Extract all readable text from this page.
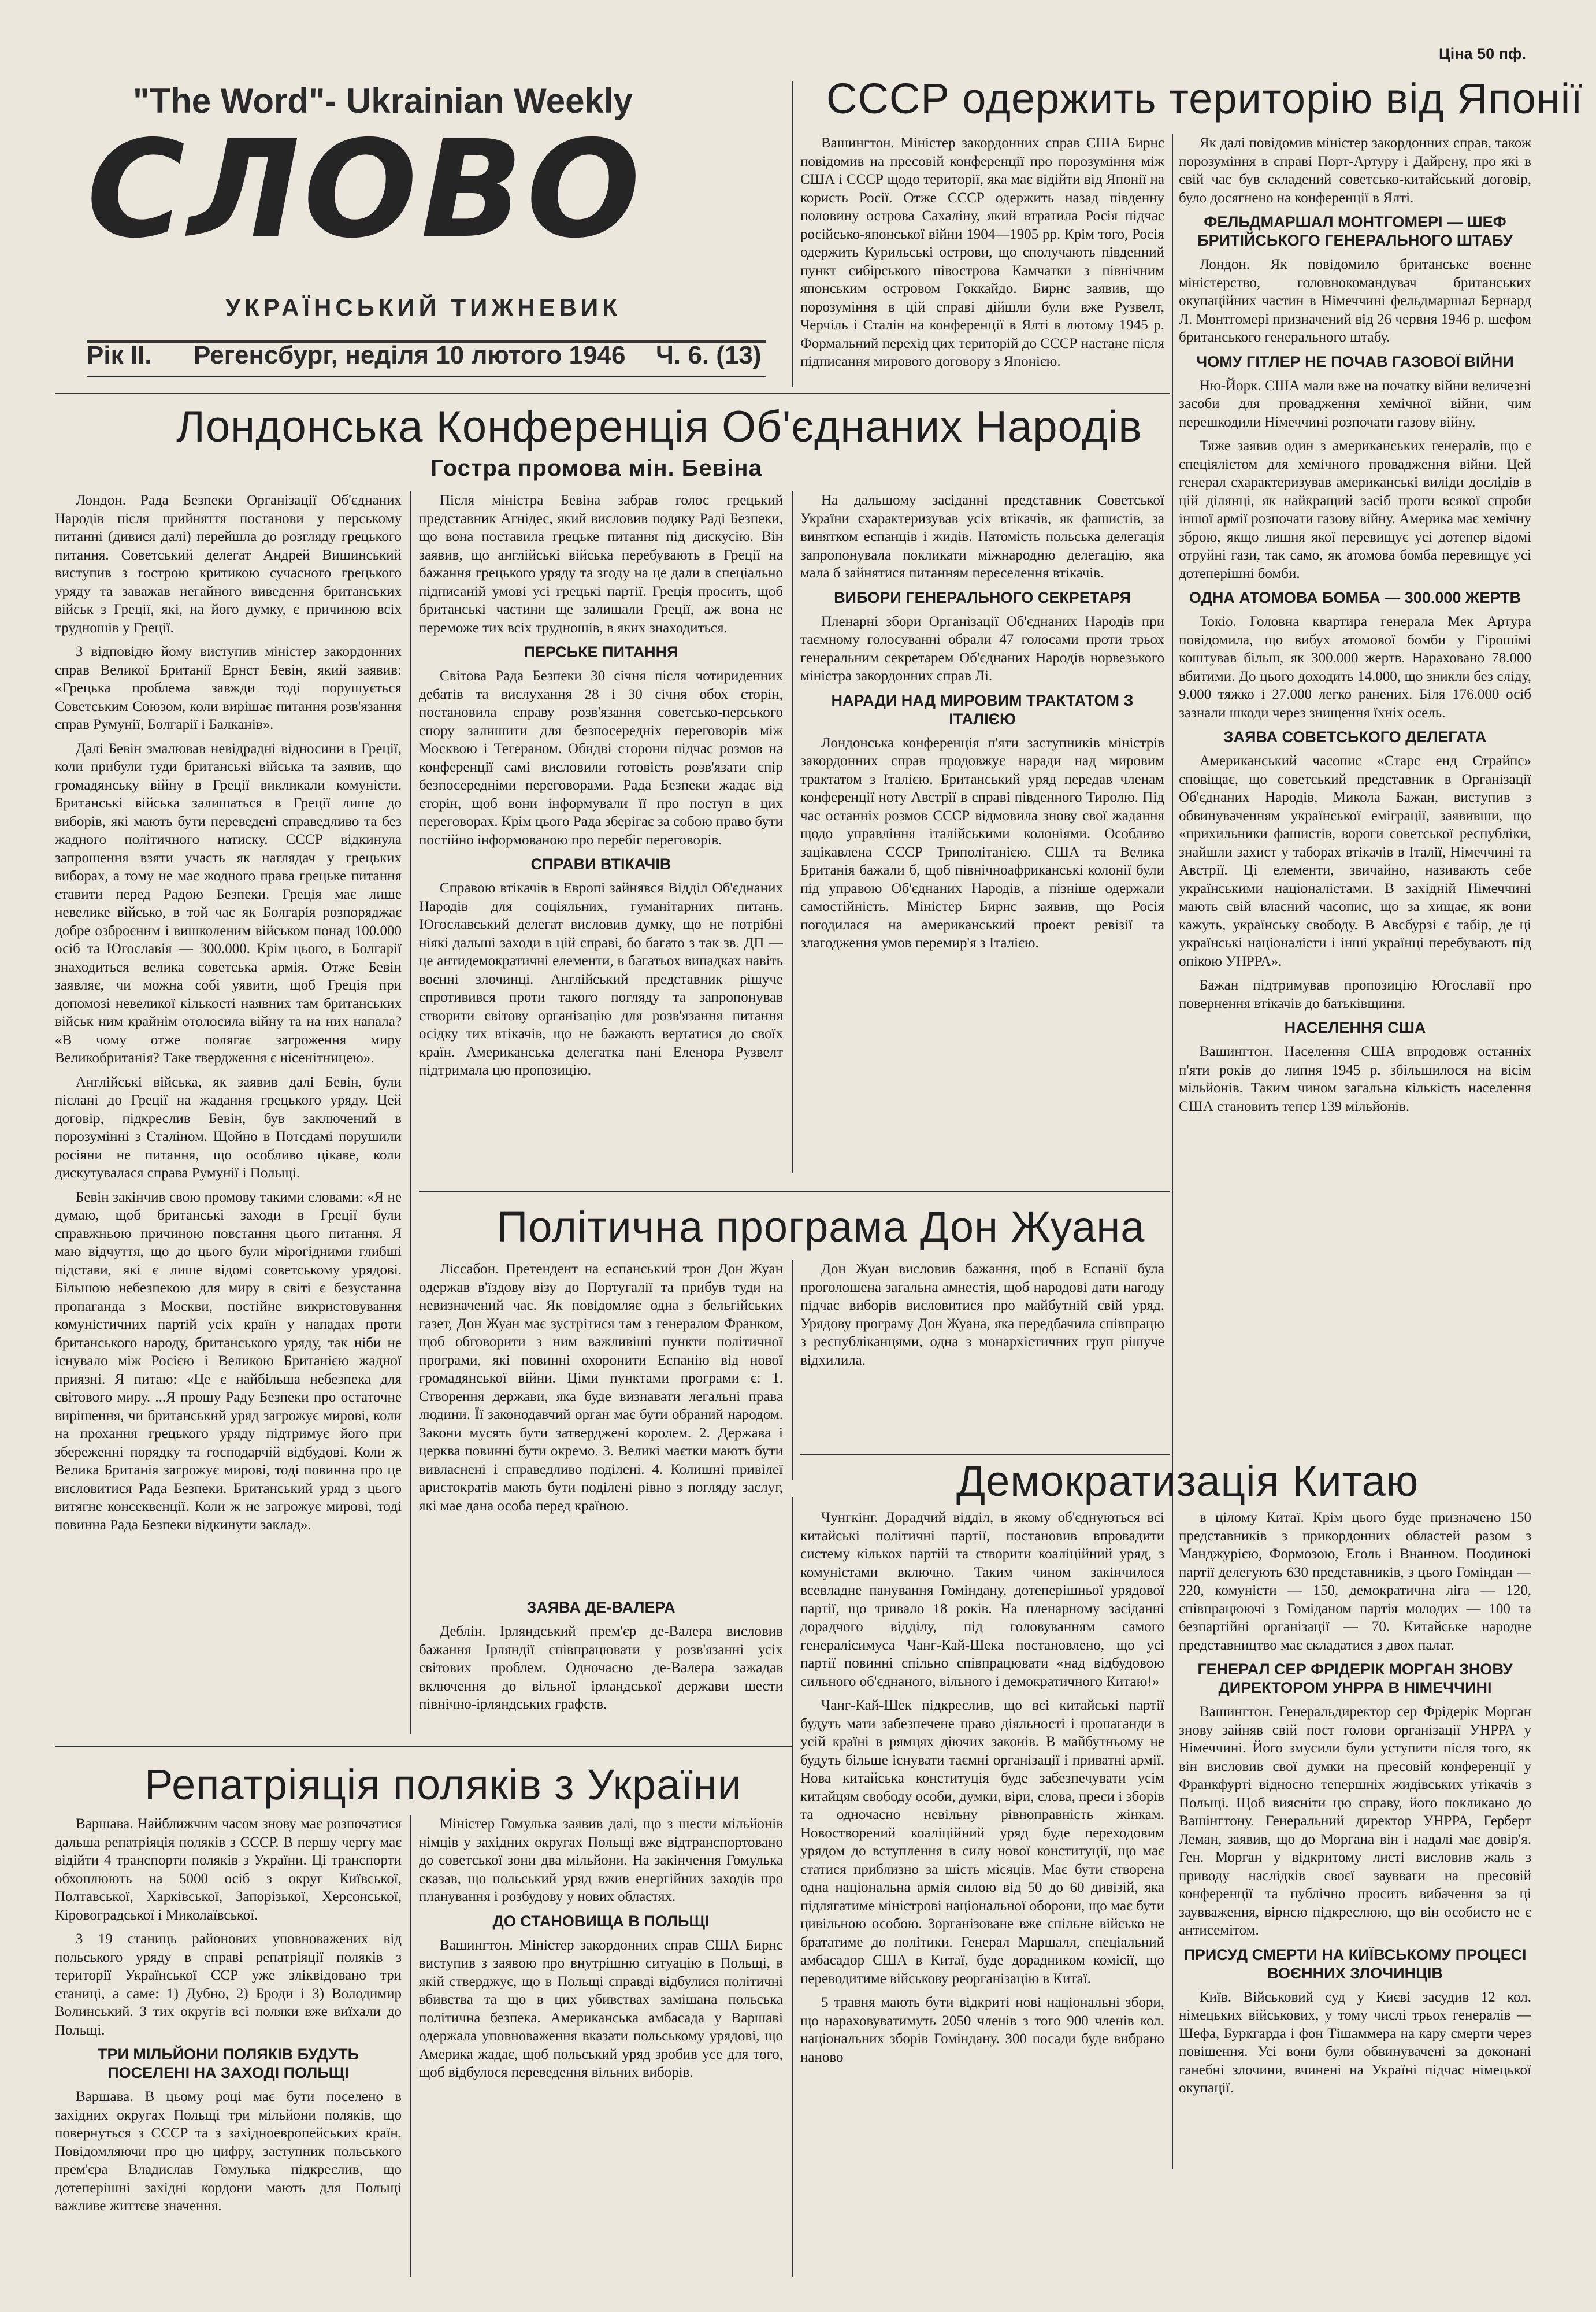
Ціна 50 пф.
"The Word"- Ukrainian Weekly
СЛОВО
УКРАЇНСЬКИЙ ТИЖНЕВИК
Рік II. Регенсбург, неділя 10 лютого 1946 Ч. 6. (13)
СССР одержить територію від Японії

Вашингтон. Міністер закордонних справ США Бирнс повідомив на пресовій конференції про порозуміння між США і СССР щодо території, яка має відійти від Японії на користь Росії. Отже СССР одержить назад південну половину острова Сахаліну, який втратила Росія підчас російсько-японської війни 1904—1905 рр. Крім того, Росія одержить Курильські острови, що сполучають південний пункт сибірського півострова Камчатки з північним японським островом Гоккайдо. Бирнс заявив, що порозуміння в цій справі дійшли були вже Рузвелт, Черчіль і Сталін на конференції в Ялті в лютому 1945 р. Формальний перехід цих територій до СССР настане після підписання мирового договору з Японією.

Як далі повідомив міністер закордонних справ, також порозуміння в справі Порт-Артуру і Дайрену, про які в свій час був складений советсько-китайський договір, було досягнено на конференції в Ялті.

ФЕЛЬДМАРШАЛ МОНТГОМЕРІ — ШЕФ БРИТІЙСЬКОГО ГЕНЕРАЛЬНОГО ШТАБУ

Лондон. Як повідомило британське воєнне міністерство, головнокомандувач британських окупаційних частин в Німеччині фельдмаршал Бернард Л. Монтгомері призначений від 26 червня 1946 р. шефом британського генерального штабу.

ЧОМУ ГІТЛЕР НЕ ПОЧАВ ГАЗОВОЇ ВІЙНИ

Ню-Йорк. США мали вже на початку війни величезні засоби для провадження хемічної війни, чим перешкодили Німеччині розпочати газову війну.

Тяже заявив один з американських генералів, що є спеціялістом для хемічного провадження війни. Цей генерал схарактеризував американські виліди дослідів в цій ділянці, як найкращий засіб проти всякої спроби іншої армії розпочати газову війну. Америка має хемічну зброю, якщо лишня якої перевищує усі дотепер відомі отруйні гази, так само, як атомова бомба перевищує усі дотеперішні бомби.

ОДНА АТОМОВА БОМБА — 300.000 ЖЕРТВ

Токіо. Головна квартира генерала Мек Артура повідомила, що вибух атомової бомби у Гірошімі коштував більш, як 300.000 жертв. Нараховано 78.000 вбитими. До цього доходить 14.000, що зникли без сліду, 9.000 тяжко і 27.000 легко ранених. Біля 176.000 осіб зазнали шкоди через знищення їхніх осель.

ЗАЯВА СОВЕТСЬКОГО ДЕЛЕГАТА

Американський часопис «Старс енд Страйпс» сповіщає, що советський представник в Організації Об'єднаних Народів, Микола Бажан, виступив з обвинуваченням української еміграції, заявивши, що «прихильники фашистів, вороги советської республіки, знайшли захист у таборах втікачів в Італії, Німеччині та Австрії. Ці елементи, звичайно, називають себе українськими націоналістами. В західній Німеччині мають свій власний часопис, що за хищає, як вони кажуть, українську свободу. В Авсбурзі є табір, де ці українські націоналісти і інші українці перебувають під опікою УНРРА».

Бажан підтримував пропозицію Югославії про повернення втікачів до батьківщини.

НАСЕЛЕННЯ США

Вашингтон. Населення США впродовж останніх п'яти років до липня 1945 р. збільшилося на вісім мільйонів. Таким чином загальна кількість населення США становить тепер 139 мільйонів.

Лондонська Конференція Об'єднаних Народів
Гостра промова мін. Бевіна

Лондон. Рада Безпеки Організації Об'єднаних Народів після прийняття постанови у перському питанні (дивися далі) перейшла до розгляду грецького питання. Советський делегат Андрей Вишинський виступив з гострою критикою сучасного грецького уряду та заважав негайного виведення британських військ з Греції, які, на його думку, є причиною всіх трудношів у Греції.

З відповідю йому виступив міністер закордонних справ Великої Британії Ернст Бевін, який заявив: «Грецька проблема завжди тоді порушується Советським Союзом, коли вирішає питання розв'язання справ Румунії, Болгарії і Балканів».

Далі Бевін змалював невідрадні відносини в Греції, коли прибули туди британські війська та заявив, що громадянську війну в Греції викликали комуністи. Британські війська залишаться в Греції лише до виборів, які мають бути переведені справедливо та без жадного політичного натиску. СССР відкинула запрошення взяти участь як наглядач у грецьких виборах, а тому не має жодного права грецьке питання ставити перед Радою Безпеки. Греція має лише невелике військо, в той час як Болгарія розпоряджає добре озброєним і вишколеним військом понад 100.000 осіб та Югославія — 300.000. Крім цього, в Болгарії знаходиться велика советська армія. Отже Бевін заявляє, чи можна собі уявити, щоб Греція при допомозі невеликої кількості наявних там британських військ ним крайнім отолосила війну та на них напала? «В чому отже полягає загроження миру Великобританія? Таке твердження є нісенітницею».

Англійські війська, як заявив далі Бевін, були післані до Греції на жадання грецького уряду. Цей договір, підкреслив Бевін, був заключений в порозумінні з Сталіном. Щойно в Потсдамі порушили росіяни не питання, що особливо цікаве, коли дискутувалася справа Румунії і Польщі.

Бевін закінчив свою промову такими словами: «Я не думаю, щоб британські заходи в Греції були справжньою причиною повстання цього питання. Я маю відчуття, що до цього були мірогідними глибші підстави, які є лише відомі советському урядові. Більшою небезпекою для миру в світі є безустанна пропаганда з Москви, постійне викристовування комуністичних партій усіх країн у нападах проти британського народу, британського уряду, так ніби не існувало між Росією і Великою Британією жадної приязні. Я питаю: «Це є найбільша небезпека для світового миру. ...Я прошу Раду Безпеки про остаточне вирішення, чи британський уряд загрожує мирові, коли на прохання грецького уряду підтримує його при збереженні порядку та господарчій відбудові. Коли ж Велика Британія загрожує мирові, тоді повинна про це висловитися Рада Безпеки. Британський уряд з цього витягне консеквенції. Коли ж не загрожує мирові, тоді повинна Рада Безпеки відкинути заклад».

Після міністра Бевіна забрав голос грецький представник Агнідес, який висловив подяку Раді Безпеки, що вона поставила грецьке питання під дискусію. Він заявив, що англійські війська перебувають в Греції на бажання грецького уряду та згоду на це дали в спеціально підписаній умові усі грецькі партії. Греція просить, щоб британські частини ще залишали Греції, аж вона не переможе тих всіх трудношів, в яких знаходиться.

ПЕРСЬКЕ ПИТАННЯ

Світова Рада Безпеки 30 січня після чотириденних дебатів та вислухання 28 і 30 січня обох сторін, постановила справу розв'язання советсько-перського спору залишити для безпосередніх переговорів між Москвою і Тегераном. Обидві сторони підчас розмов на конференції самі висловили готовість розв'язати спір безпосередніми переговорами. Рада Безпеки жадає від сторін, щоб вони інформували її про поступ в цих переговорах. Крім цього Рада зберігає за собою право бути постійно інформованою про перебіг переговорів.

СПРАВИ ВТІКАЧІВ

Справою втікачів в Европі зайнявся Відділ Об'єднаних Народів для соціяльних, гуманітарних питань. Югославський делегат висловив думку, що не потрібні ніякі дальші заходи в цій справі, бо багато з так зв. ДП — це антидемократичні елементи, в багатьох випадках навіть воєнні злочинці. Англійський представник рішуче спротивився проти такого погляду та запропонував створити світову організацію для розв'язання питання осідку тих втікачів, що не бажають вертатися до своїх країн. Американська делегатка пані Еленора Рузвелт підтримала цю пропозицію.

На дальшому засіданні представник Советської України схарактеризував усіх втікачів, як фашистів, за винятком еспанців і жидів. Натомість польська делегація запропонувала покликати міжнародню делегацію, яка мала б зайнятися питанням переселення втікачів.

ВИБОРИ ГЕНЕРАЛЬНОГО СЕКРЕТАРЯ

Пленарні збори Організації Об'єднаних Народів при таємному голосуванні обрали 47 голосами проти трьох генеральним секретарем Об'єднаних Народів норвезького міністра закордонних справ Лі.

НАРАДИ НАД МИРОВИМ ТРАКТАТОМ З ІТАЛІЄЮ

Лондонська конференція п'яти заступників міністрів закордонних справ продовжує наради над мировим трактатом з Італією. Британський уряд передав членам конференції ноту Австрії в справі південного Тиролю. Під час останніх розмов СССР відмовила знову свої жадання щодо управління італійськими колоніями. Особливо зацікавлена СССР Триполітанією. США та Велика Британія бажали б, щоб північноафриканські колонії були під управою Об'єднаних Народів, а пізніше одержали самостійність. Міністер Бирнс заявив, що Росія погодилася на американський проект ревізії та злагодження умов перемир'я з Італією.

Політична програма Дон Жуана

Ліссабон. Претендент на еспанський трон Дон Жуан одержав в'їздову візу до Португалії та прибув туди на невизначений час. Як повідомляє одна з бельгійських газет, Дон Жуан має зустрітися там з генералом Франком, щоб обговорити з ним важливіші пункти політичної програми, які повинні охоронити Еспанію від нової громадянської війни. Ціми пунктами програми є: 1. Створення держави, яка буде визнавати легальні права людини. Її законодавчий орган має бути обраний народом. Закони мусять бути затверджені королем. 2. Держава і церква повинні бути окремо. 3. Великі маєтки мають бути вивласнені і справедливо поділені. 4. Колишні привілеї аристократів мають бути поділені рівно з погляду заслуг, які мае дана особа перед країною.

Дон Жуан висловив бажання, щоб в Еспанії була проголошена загальна амнестія, щоб народові дати нагоду підчас виборів висловитися про майбутній свій уряд. Урядову програму Дон Жуана, яка передбачила співпрацю з республіканцями, одна з монархістичних груп рішуче відхилила.

ЗАЯВА ДЕ-ВАЛЕРА

Деблін. Ірляндський прем'єр де-Валера висловив бажання Ірляндії співпрацювати у розв'язанні усіх світових проблем. Одночасно де-Валера зажадав включення до вільної ірландської держави шести північно-ірляндських графств.

Демократизація Китаю

Чунгкінг. Дорадчий відділ, в якому об'єднуються всі китайські політичні партії, постановив впровадити систему кількох партій та створити коаліційний уряд, з комуністами включно. Таким чином закінчилося всевладне панування Гоміндану, дотеперішньої урядової партії, що тривало 18 років. На пленарному засіданні дорадчого відділу, під головуванням самого генералісимуса Чанг-Кай-Шека постановлено, що усі партії повинні спільно співпрацювати «над відбудовою сильного об'єднаного, вільного і демократичного Китаю!»

Чанг-Кай-Шек підкреслив, що всі китайські партії будуть мати забезпечене право діяльності і пропаганди в усій країні в рямцях діючих законів. В майбутньому не будуть більше існувати таємні організації і приватні армії. Нова китайська конституція буде забезпечувати усім китайцям свободу особи, думки, віри, слова, преси і зборів та одночасно невільну рівноправність жінкам. Новостворений коаліційний уряд буде переходовим урядом до вступлення в силу нової конституції, що має статися приблизно за шість місяців. Має бути створена одна національна армія силою від 50 до 60 дивізій, яка підлягатиме міністрові національної оборони, що має бути цивільною особою. Зорганізоване вже спільне військо не брататиме до політики. Генерал Маршалл, спеціальний амбасадор США в Китаї, буде дорадником комісії, що переводитиме військову реорганізацію в Китаї.

5 травня мають бути відкриті нові національні збори, що нараховуватимуть 2050 членів з того 900 членів кол. національних зборів Гоміндану. 300 посади буде вибрано наново

в цілому Китаї. Крім цього буде призначено 150 представників з прикордонних областей разом з Манджурією, Формозою, Еголь і Внанном. Поодинокі партії делегують 630 представників, з цього Гоміндан — 220, комуністи — 150, демократична ліга — 120, співпрацюючі з Гоміданом партія молодих — 100 та безпартійні організації — 70. Китайське народне представництво має складатися з двох палат.

ГЕНЕРАЛ СЕР ФРІДЕРІК МОРГАН ЗНОВУ ДИРЕКТОРОМ УНРРА В НІМЕЧЧИНІ

Вашингтон. Генеральдиректор сер Фрідерік Морган знову зайняв свій пост голови організації УНРРА у Німеччині. Його змусили були уступити після того, як він висловив свої думки на пресовій конференції у Франкфурті відносно тепершніх жидівських утікачів з Польщі. Щоб виясніти цю справу, його покликано до Вашінгтону. Генеральний директор УНРРА, Герберт Леман, заявив, що до Моргана він і надалі має довір'я. Ген. Морган у відкритому листі висловив жаль з приводу наслідків своєї заувваги на пресовій конференції та публічно просить вибачення за ці заувваження, вірнсю підкреслюю, що він особисто не є антисемітом.

ПРИСУД СМЕРТИ НА КИЇВСЬКОМУ ПРОЦЕСІ ВОЄННИХ ЗЛОЧИНЦІВ

Київ. Військовий суд у Києві засудив 12 кол. німецьких військових, у тому числі трьох генералів — Шефа, Буркгарда і фон Тішаммера на кару смерти через повішення. Усі вони були обвинувачені за доконані ганебні злочини, вчинені на Україні підчас німецької окупації.

Репатріяція поляків з України

Варшава. Найближчим часом знову має розпочатися дальша репатріяція поляків з СССР. В першу чергу має відійти 4 транспорти поляків з України. Ці транспорти обхоплюють на 5000 осіб з округ Київської, Полтавської, Харківської, Запорізької, Херсонської, Кіровоградської і Миколаївської.

З 19 станиць районових уповноважених від польського уряду в справі репатріяції поляків з території Української ССР уже зліквідовано три станиці, а саме: 1) Дубно, 2) Броди і 3) Володимир Волинський. З тих округів всі поляки вже виїхали до Польщі.

ТРИ МІЛЬЙОНИ ПОЛЯКІВ БУДУТЬ ПОСЕЛЕНІ НА ЗАХОДІ ПОЛЬЩІ

Варшава. В цьому році має бути поселено в західних округах Польщі три мільйони поляків, що повернуться з СССР та з західноевропейських країн. Повідомляючи про цю цифру, заступник польського прем'єра Владислав Гомулька підкреслив, що дотеперішні західні кордони мають для Польщі важливе життєве значення.

Міністер Гомулька заявив далі, що з шести мільйонів німців у західних округах Польщі вже відтранспортовано до советської зони два мільйони. На закінчення Гомулька сказав, що польський уряд вжив енергійних заходів про планування і розбудову у нових областях.

ДО СТАНОВИЩА В ПОЛЬЩІ

Вашингтон. Міністер закордонних справ США Бирнс виступив з заявою про внутрішню ситуацію в Польщі, в якій стверджує, що в Польщі справді відбулися політичні вбивства та що в цих убивствах замішана польська політична безпека. Американська амбасада у Варшаві одержала уповноваження вказати польському урядові, що Америка жадає, щоб польський уряд зробив усе для того, щоб відбулося переведення вільних виборів.
